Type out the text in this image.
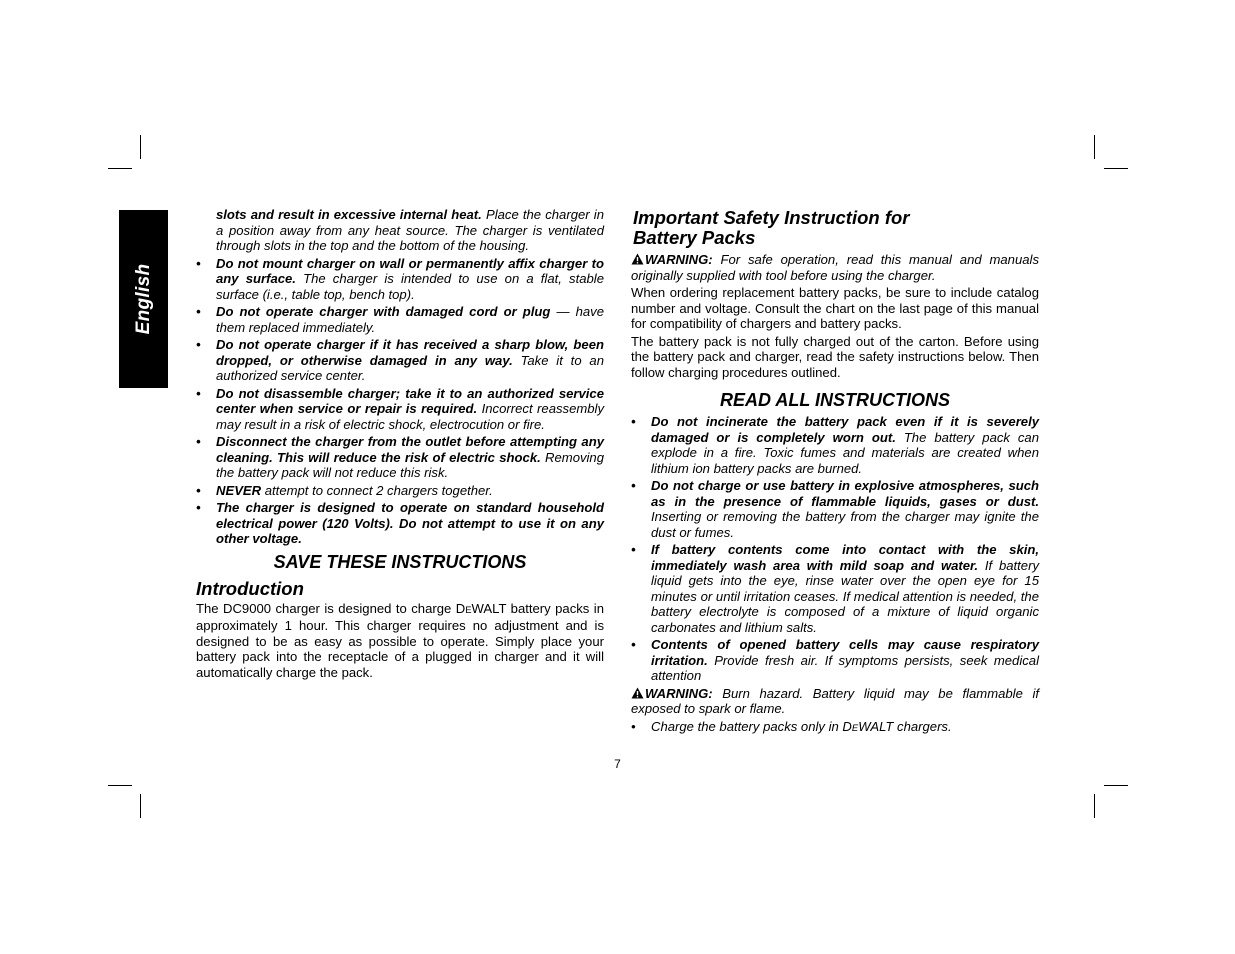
English

slots and result in excessive internal heat. Place the charger in a position away from any heat source. The charger is ventilated through slots in the top and the bottom of the housing.

• Do not mount charger on wall or permanently affix charger to any surface. The charger is intended to use on a flat, stable surface (i.e., table top, bench top).
• Do not operate charger with damaged cord or plug — have them replaced immediately.
• Do not operate charger if it has received a sharp blow, been dropped, or otherwise damaged in any way. Take it to an authorized service center.
• Do not disassemble charger; take it to an authorized service center when service or repair is required. Incorrect reassembly may result in a risk of electric shock, electrocution or fire.
• Disconnect the charger from the outlet before attempting any cleaning. This will reduce the risk of electric shock. Removing the battery pack will not reduce this risk.
• NEVER attempt to connect 2 chargers together.
• The charger is designed to operate on standard household electrical power (120 Volts). Do not attempt to use it on any other voltage.
SAVE THESE INSTRUCTIONS
Introduction

The DC9000 charger is designed to charge DEWALT battery packs in approximately 1 hour. This charger requires no adjustment and is designed to be as easy as possible to operate. Simply place your battery pack into the receptacle of a plugged in charger and it will automatically charge the pack.

Important Safety Instruction for
Battery Packs

WARNING: For safe operation, read this manual and manuals originally supplied with tool before using the charger.

When ordering replacement battery packs, be sure to include catalog number and voltage. Consult the chart on the last page of this manual for compatibility of chargers and battery packs.

The battery pack is not fully charged out of the carton. Before using the battery pack and charger, read the safety instructions below. Then follow charging procedures outlined.

READ ALL INSTRUCTIONS
• Do not incinerate the battery pack even if it is severely damaged or is completely worn out. The battery pack can explode in a fire. Toxic fumes and materials are created when lithium ion battery packs are burned.
• Do not charge or use battery in explosive atmospheres, such as in the presence of flammable liquids, gases or dust. Inserting or removing the battery from the charger may ignite the dust or fumes.
• If battery contents come into contact with the skin, immediately wash area with mild soap and water. If battery liquid gets into the eye, rinse water over the open eye for 15 minutes or until irritation ceases. If medical attention is needed, the battery electrolyte is composed of a mixture of liquid organic carbonates and lithium salts.
• Contents of opened battery cells may cause respiratory irritation. Provide fresh air. If symptoms persists, seek medical attention

WARNING: Burn hazard. Battery liquid may be flammable if exposed to spark or flame.

• Charge the battery packs only in DEWALT chargers.
7
